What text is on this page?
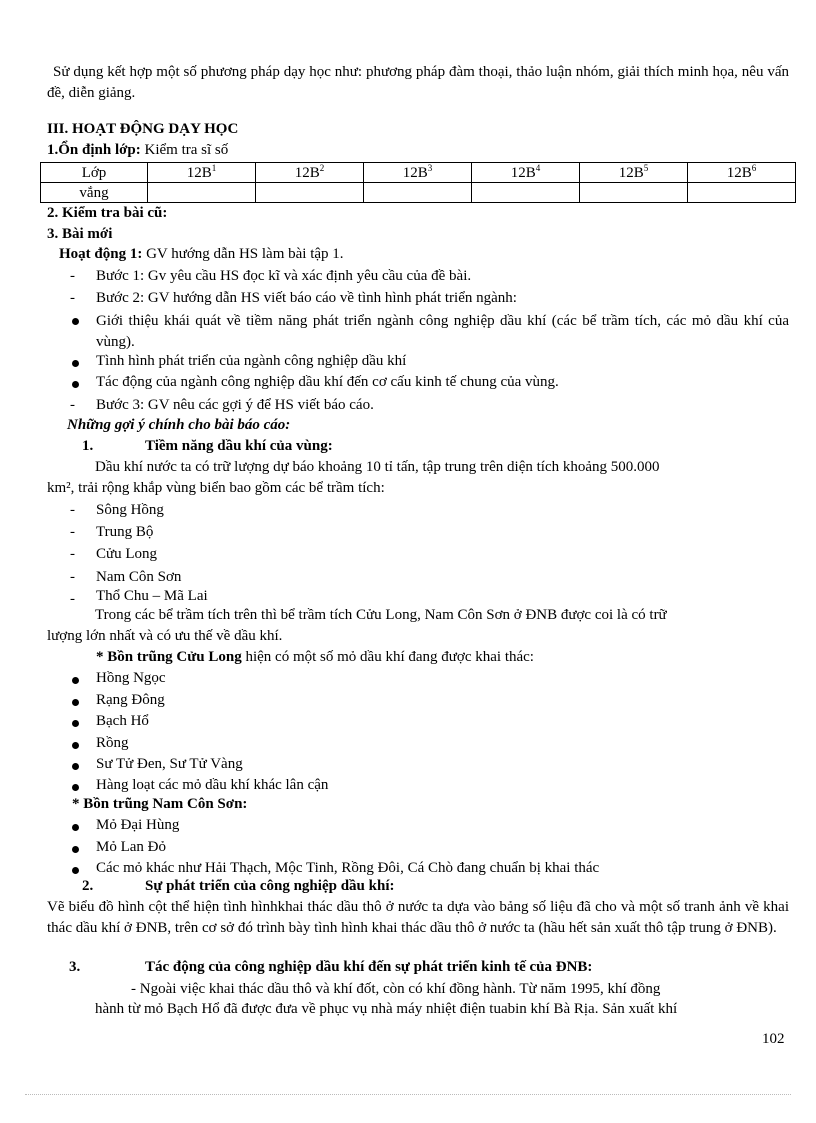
Sử dụng kết hợp một số phương pháp dạy học như: phương pháp đàm thoại, thảo luận nhóm, giải thích minh họa, nêu vấn đề, diễn giảng.
III. HOẠT ĐỘNG DẠY HỌC
1.Ổn định lớp: Kiểm tra sĩ số
Lớp	$12B^1$	$12B^2$	$12B^3$	$12B^4$	$12B^5$	$12B^6$
vắng						
2. Kiểm tra bài cũ:
3. Bài mới
Hoạt động 1: GV hướng dẫn HS làm bài tập 1.
- Bước 1: Gv yêu cầu HS đọc kĩ và xác định yêu cầu của đề bài.
- Bước 2: GV hướng dẫn HS viết báo cáo về tình hình phát triển ngành:
Giới thiệu khái quát về tiềm năng phát triển ngành công nghiệp dầu khí (các bể trầm tích, các mỏ dầu khí của vùng).
Tình hình phát triển của ngành công nghiệp dầu khí
Tác động của ngành công nghiệp dầu khí đến cơ cấu kinh tế chung của vùng.
- Bước 3: GV nêu các gợi ý để HS viết báo cáo.
Những gợi ý chính cho bài báo cáo:
1.	Tiềm năng dầu khí của vùng:
Dầu khí nước ta có trữ lượng dự báo khoảng 10 tỉ tấn, tập trung trên diện tích khoảng 500.000
km², trải rộng khắp vùng biển bao gồm các bể trầm tích:
- Sông Hồng
- Trung Bộ
- Cửu Long
- Nam Côn Sơn
- Thổ Chu – Mã Lai
Trong các bể trầm tích trên thì bể trầm tích Cửu Long, Nam Côn Sơn ở ĐNB được coi là có trữ
lượng lớn nhất và có ưu thế về dầu khí.
* Bồn trũng Cửu Long hiện có một số mỏ dầu khí đang được khai thác:
Hồng Ngọc
Rạng Đông
Bạch Hổ
Rồng
Sư Tử Đen, Sư Tử Vàng
Hàng loạt các mỏ dầu khí khác lân cận
* Bồn trũng Nam Côn Sơn:
Mỏ Đại Hùng
Mỏ Lan Đỏ
Các mỏ khác như Hải Thạch, Mộc Tinh, Rồng Đôi, Cá Chò đang chuẩn bị khai thác
2.	Sự phát triển của công nghiệp dầu khí:
Vẽ biểu đồ hình cột thể hiện tình hìnhkhai thác dầu thô ở nước ta dựa vào bảng số liệu đã cho và một số tranh ảnh về khai thác dầu khí ở ĐNB, trên cơ sở đó trình bày tình hình khai thác dầu thô ở nước ta (hầu hết sản xuất thô tập trung ở ĐNB).
3.	Tác động của công nghiệp dầu khí đến sự phát triển kinh tế của ĐNB:
- Ngoài việc khai thác dầu thô và khí đốt, còn có khí đồng hành. Từ năm 1995, khí đồng
hành từ mỏ Bạch Hổ đã được đưa về phục vụ nhà máy nhiệt điện tuabin khí Bà Rịa. Sản xuất khí
102
